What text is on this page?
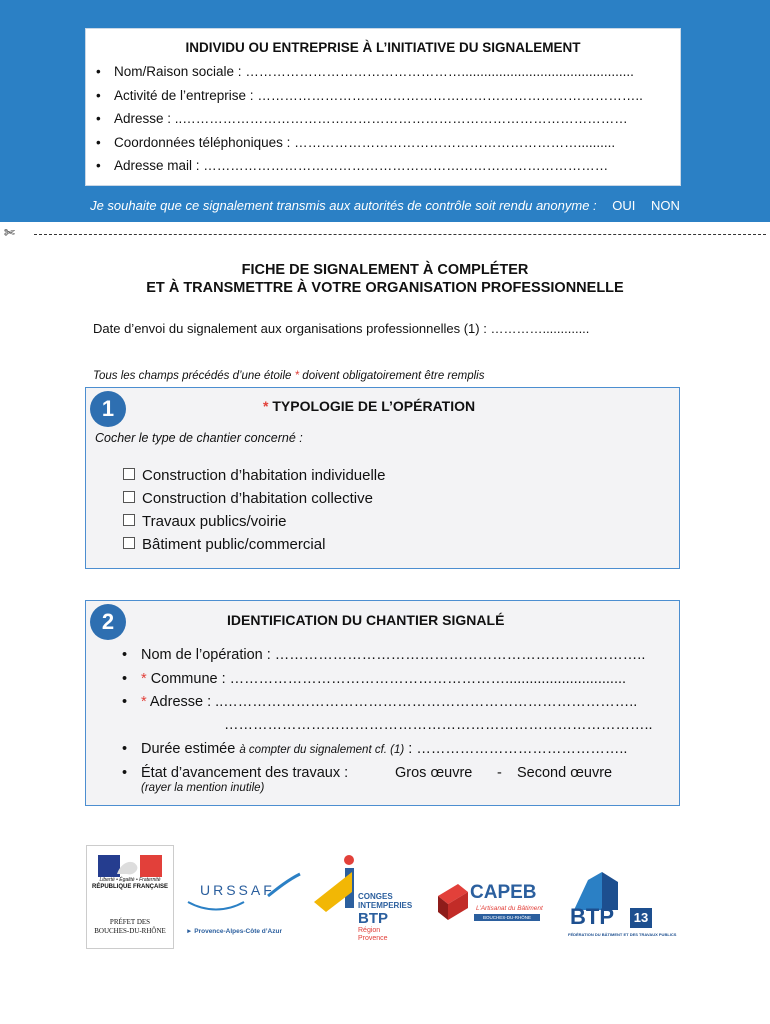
INDIVIDU OU ENTREPRISE À L’INITIATIVE DU SIGNALEMENT
• Nom/Raison sociale : …………………………………………..............................................
• Activité de l’entreprise : …………………………………………………………………………..
• Adresse : ..………………………………………………………………………………………
• Coordonnées téléphoniques : ………………………………………………………..........
• Adresse mail : ………………………………………………………………………………
Je souhaite que ce signalement transmis aux autorités de contrôle soit rendu anonyme : OUI NON
✄
FICHE DE SIGNALEMENT À COMPLÉTER
ET À TRANSMETTRE À VOTRE ORGANISATION PROFESSIONNELLE
Date d’envoi du signalement aux organisations professionnelles (1) : ………….............
Tous les champs précédés d’une étoile * doivent obligatoirement être remplis
1	* TYPOLOGIE DE L’OPÉRATION
Cocher le type de chantier concerné :
Construction d’habitation individuelle
Construction d’habitation collective
Travaux publics/voirie
Bâtiment public/commercial
2	IDENTIFICATION DU CHANTIER SIGNALÉ
• Nom de l’opération : …………………………………………………………………..
• * Commune : …………………………………………………..............................
• * Adresse : ..…………………………………………………………………………..
……………………………………………………………………………..
• Durée estimée à compter du signalement cf. (1) : ……………………………………..
• État d’avancement des travaux :	Gros œuvre - Second œuvre
(rayer la mention inutile)
Liberté • Égalité • Fraternité
RÉPUBLIQUE FRANÇAISE
PRÉFET DES
BOUCHES-DU-RHÔNE
URSSAF
► Provence-Alpes-Côte d’Azur
CONGES
INTEMPERIES
BTP
Région
Provence
CAPEB
L’Artisanat du Bâtiment
BOUCHES-DU-RHÔNE	BTP 13
FÉDÉRATION DU BÂTIMENT ET DES TRAVAUX PUBLICS
